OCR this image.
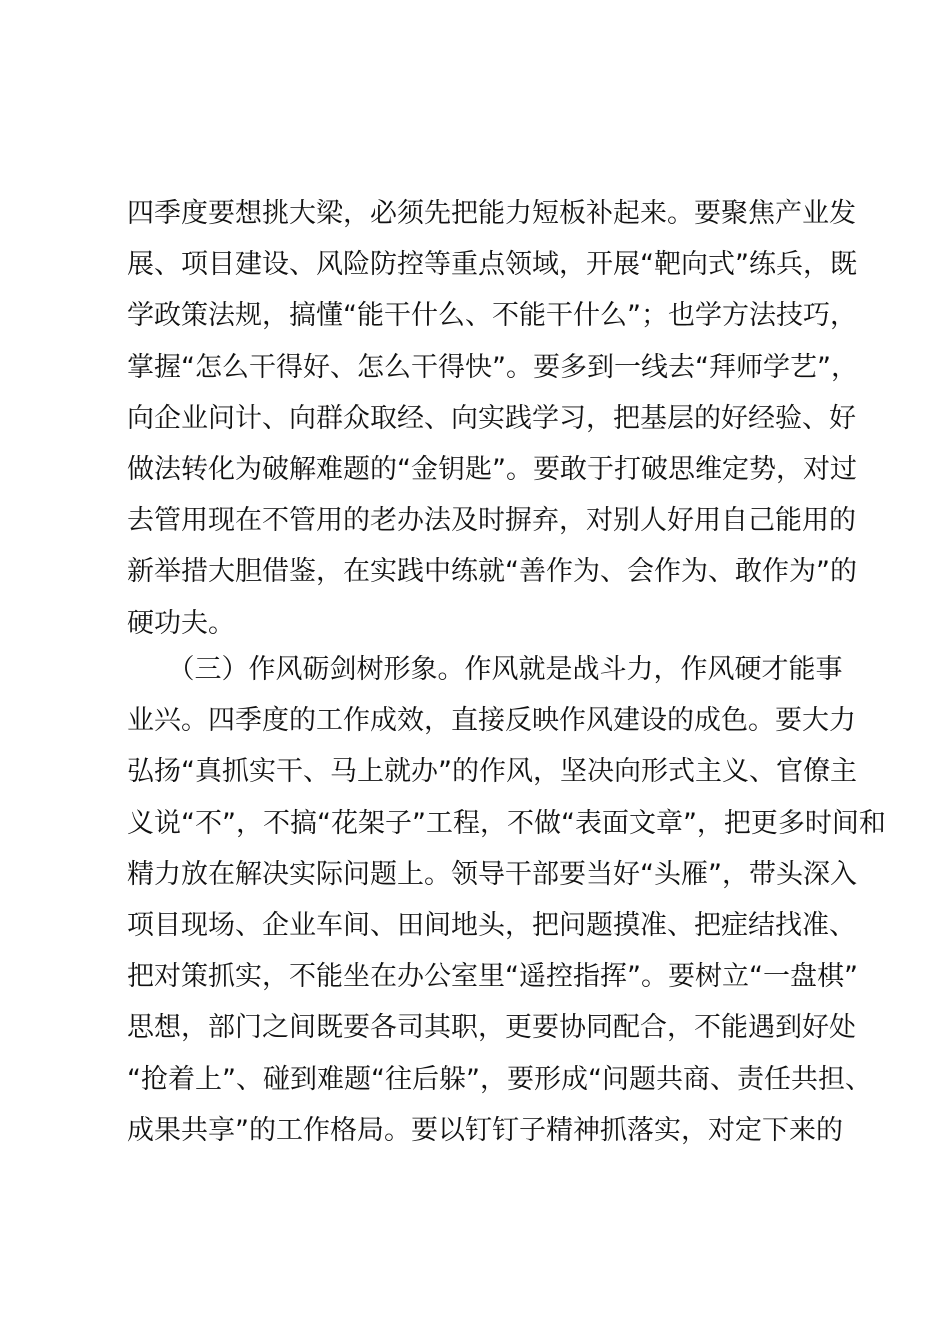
四季度要想挑大梁，必须先把能力短板补起来。要聚焦产业发
展、项目建设、风险防控等重点领域，开展“靶向式”练兵，既
学政策法规，搞懂“能干什么、不能干什么”；也学方法技巧，
掌握“怎么干得好、怎么干得快”。要多到一线去“拜师学艺”，
向企业问计、向群众取经、向实践学习，把基层的好经验、好
做法转化为破解难题的“金钥匙”。要敢于打破思维定势，对过
去管用现在不管用的老办法及时摒弃，对别人好用自己能用的
新举措大胆借鉴，在实践中练就“善作为、会作为、敢作为”的
硬功夫。
　　（三）作风砺剑树形象。作风就是战斗力，作风硬才能事
业兴。四季度的工作成效，直接反映作风建设的成色。要大力
弘扬“真抓实干、马上就办”的作风，坚决向形式主义、官僚主
义说“不”，不搞“花架子”工程，不做“表面文章”，把更多时间和
精力放在解决实际问题上。领导干部要当好“头雁”，带头深入
项目现场、企业车间、田间地头，把问题摸准、把症结找准、
把对策抓实，不能坐在办公室里“遥控指挥”。要树立“一盘棋”
思想，部门之间既要各司其职，更要协同配合，不能遇到好处
“抢着上”、碰到难题“往后躲”，要形成“问题共商、责任共担、
成果共享”的工作格局。要以钉钉子精神抓落实，对定下来的
